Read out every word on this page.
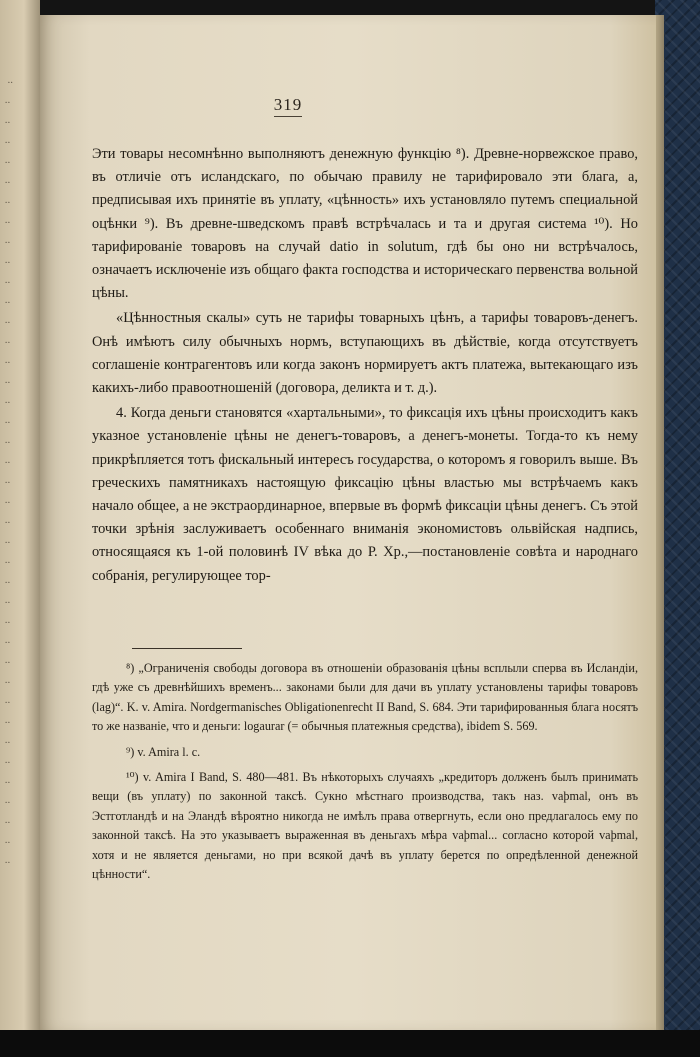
..
..
..
..
..
..
..
..
..
..
..
..
..
..
..
..
..
..
..
..
..
..
..
..
..
..
..
..
..
..
..
..
..
..
..
..
..
..
..
..
319

Эти товары несомнѣнно выполняютъ денежную функцію ⁸). Древне-норвежское право, въ отличіе отъ исландскаго, по обычаю правилу не тарифировало эти блага, а, предписывая ихъ принятіе въ уплату, «цѣнность» ихъ установляло путемъ специальной оцѣнки ⁹). Въ древне-шведскомъ правѣ встрѣчалась и та и другая система ¹⁰). Но тарифированіе товаровъ на случай datio in solutum, гдѣ бы оно ни встрѣчалось, означаетъ исключеніе изъ общаго факта господства и историческаго первенства вольной цѣны.

«Цѣнностныя скалы» суть не тарифы товарныхъ цѣнъ, а тарифы товаровъ-денегъ. Онѣ имѣютъ силу обычныхъ нормъ, вступающихъ въ дѣйствіе, когда отсутствуетъ соглашеніе контрагентовъ или когда законъ нормируетъ актъ платежа, вытекающаго изъ какихъ-либо правоотношеній (договора, деликта и т. д.).

4. Когда деньги становятся «хартальными», то фиксація ихъ цѣны происходитъ какъ указное установленіе цѣны не денегъ-товаровъ, а денегъ-монеты. Тогда-то къ нему прикрѣпляется тотъ фискальный интересъ государства, о которомъ я говорилъ выше. Въ греческихъ памятникахъ настоящую фиксацію цѣны властью мы встрѣчаемъ какъ начало общее, а не экстраординарное, впервые въ формѣ фиксаціи цѣны денегъ. Съ этой точки зрѣнія заслуживаетъ особеннаго вниманія экономистовъ ольвійская надпись, относящаяся къ 1-ой половинѣ IV вѣка до Р. Хр.,—постановленіе совѣта и народнаго собранія, регулирующее тор-

⁸) „Ограниченія свободы договора въ отношеніи образованія цѣны всплыли сперва въ Исландіи, гдѣ уже съ древнѣйшихъ временъ... законами были для дачи въ уплату установлены тарифы товаровъ (lag)“. K. v. Amira. Nordgermanisches Obligationenrecht II Band, S. 684. Эти тарифированныя блага носятъ то же названіе, что и деньги: logaurar (= обычныя платежныя средства), ibidem S. 569.

⁹) v. Amira l. c.

¹⁰) v. Amira I Band, S. 480—481. Въ нѣкоторыхъ случаяхъ „кредиторъ долженъ былъ принимать вещи (въ уплату) по законной таксѣ. Сукно мѣстнаго производства, такъ наз. vaþmal, онъ въ Эстготландѣ и на Эландѣ вѣроятно никогда не имѣлъ права отвергнуть, если оно предлагалось ему по законной таксѣ. На это указываетъ выраженная въ деньгахъ мѣра vaþmal... согласно которой vaþmal, хотя и не является деньгами, но при всякой дачѣ въ уплату берется по опредѣленной денежной цѣнности“.
